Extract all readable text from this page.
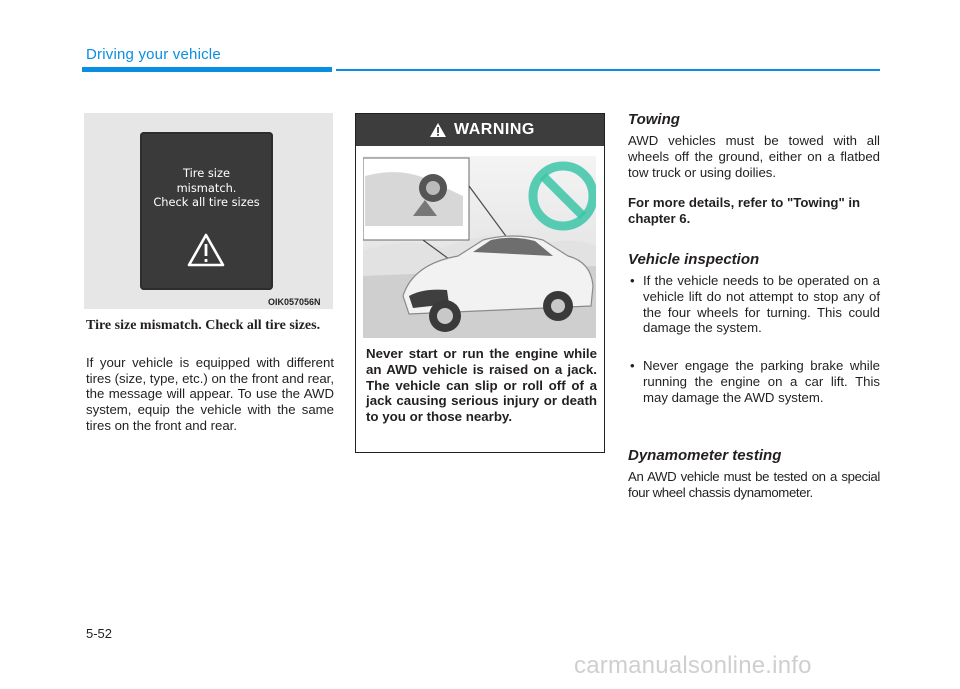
Driving your vehicle
Tire size
mismatch.
Check all tire sizes
OIK057056N
Tire size mismatch. Check all tire sizes.
If your vehicle is equipped with different tires (size, type, etc.) on the front and rear, the message will appear. To use the AWD system, equip the vehicle with the same tires on the front and rear.
WARNING
Never start or run the engine while an AWD vehicle is raised on a jack. The vehicle can slip or roll off of a jack causing serious injury or death to you or those nearby.
Towing
AWD vehicles must be towed with all wheels off the ground, either on a flatbed tow truck or using doilies.
For more details, refer to "Towing" in chapter 6.
Vehicle inspection
• If the vehicle needs to be operated on a vehicle lift do not attempt to stop any of the four wheels for turning. This could damage the system.
• Never engage the parking brake while running the engine on a car lift. This may damage the AWD system.
Dynamometer testing
An AWD vehicle must be tested on a special four wheel chassis dynamometer.
5-52
carmanualsonline.info
